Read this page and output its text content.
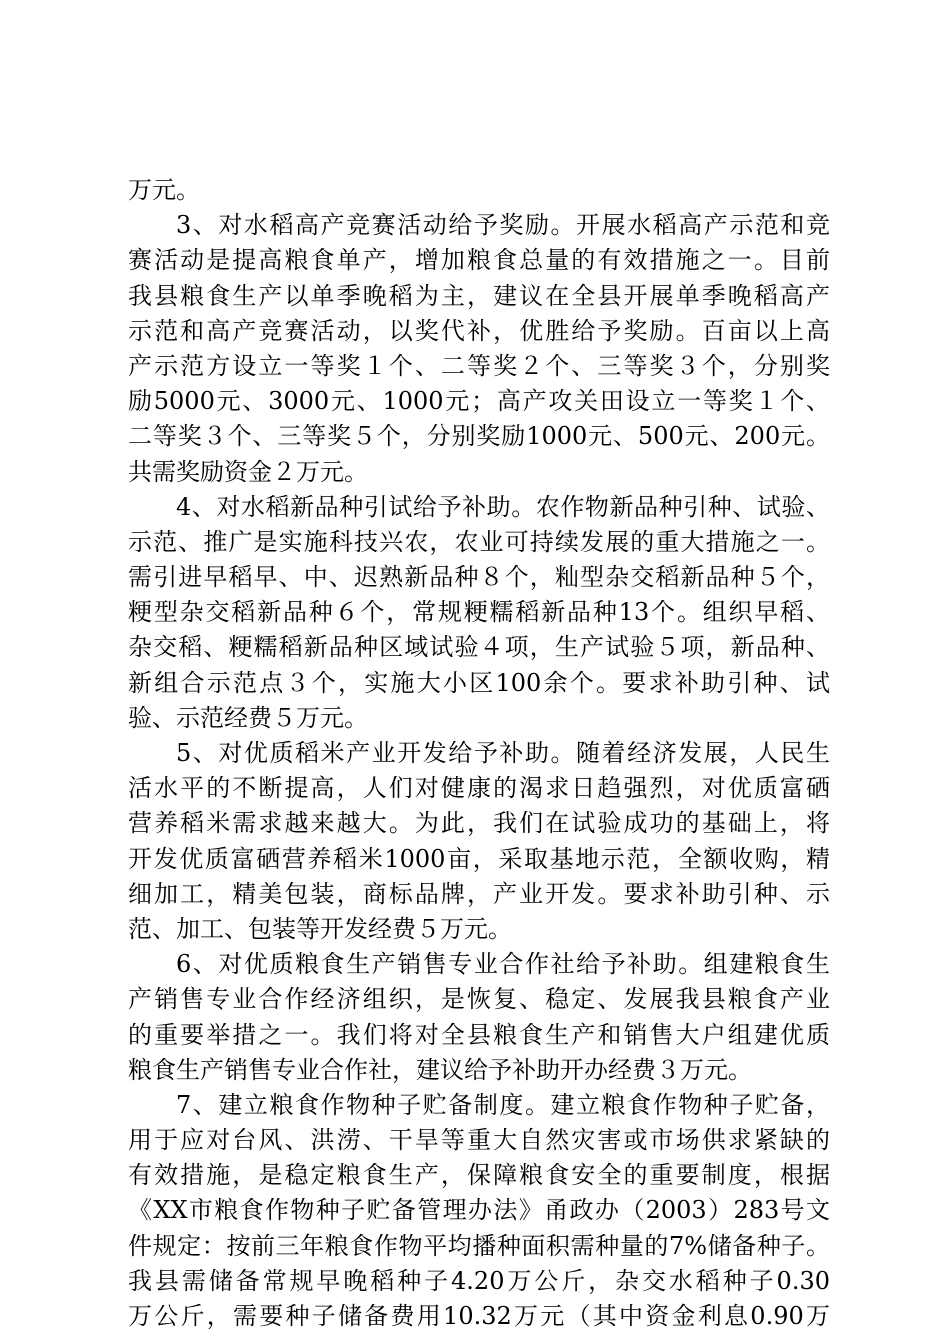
万元。
3、对水稻高产竞赛活动给予奖励。开展水稻高产示范和竞
赛活动是提高粮食单产，增加粮食总量的有效措施之一。目前
我县粮食生产以单季晚稻为主，建议在全县开展单季晚稻高产
示范和高产竞赛活动，以奖代补，优胜给予奖励。百亩以上高
产示范方设立一等奖１个、二等奖２个、三等奖３个，分别奖
励5000元、3000元、1000元；高产攻关田设立一等奖１个、
二等奖３个、三等奖５个，分别奖励1000元、500元、200元。
共需奖励资金２万元。
4、对水稻新品种引试给予补助。农作物新品种引种、试验、
示范、推广是实施科技兴农，农业可持续发展的重大措施之一。
需引进早稻早、中、迟熟新品种８个，籼型杂交稻新品种５个，
粳型杂交稻新品种６个，常规粳糯稻新品种13个。组织早稻、
杂交稻、粳糯稻新品种区域试验４项，生产试验５项，新品种、
新组合示范点３个，实施大小区100余个。要求补助引种、试
验、示范经费５万元。
5、对优质稻米产业开发给予补助。随着经济发展，人民生
活水平的不断提高，人们对健康的渴求日趋强烈，对优质富硒
营养稻米需求越来越大。为此，我们在试验成功的基础上，将
开发优质富硒营养稻米1000亩，采取基地示范，全额收购，精
细加工，精美包装，商标品牌，产业开发。要求补助引种、示
范、加工、包装等开发经费５万元。
6、对优质粮食生产销售专业合作社给予补助。组建粮食生
产销售专业合作经济组织，是恢复、稳定、发展我县粮食产业
的重要举措之一。我们将对全县粮食生产和销售大户组建优质
粮食生产销售专业合作社，建议给予补助开办经费３万元。
7、建立粮食作物种子贮备制度。建立粮食作物种子贮备，
用于应对台风、洪涝、干旱等重大自然灾害或市场供求紧缺的
有效措施，是稳定粮食生产，保障粮食安全的重要制度，根据
《XX市粮食作物种子贮备管理办法》甬政办（2003）283号文
件规定：按前三年粮食作物平均播种面积需种量的7%储备种子。
我县需储备常规早晚稻种子4.20万公斤，杂交水稻种子0.30
万公斤，需要种子储备费用10.32万元（其中资金利息0.90万
